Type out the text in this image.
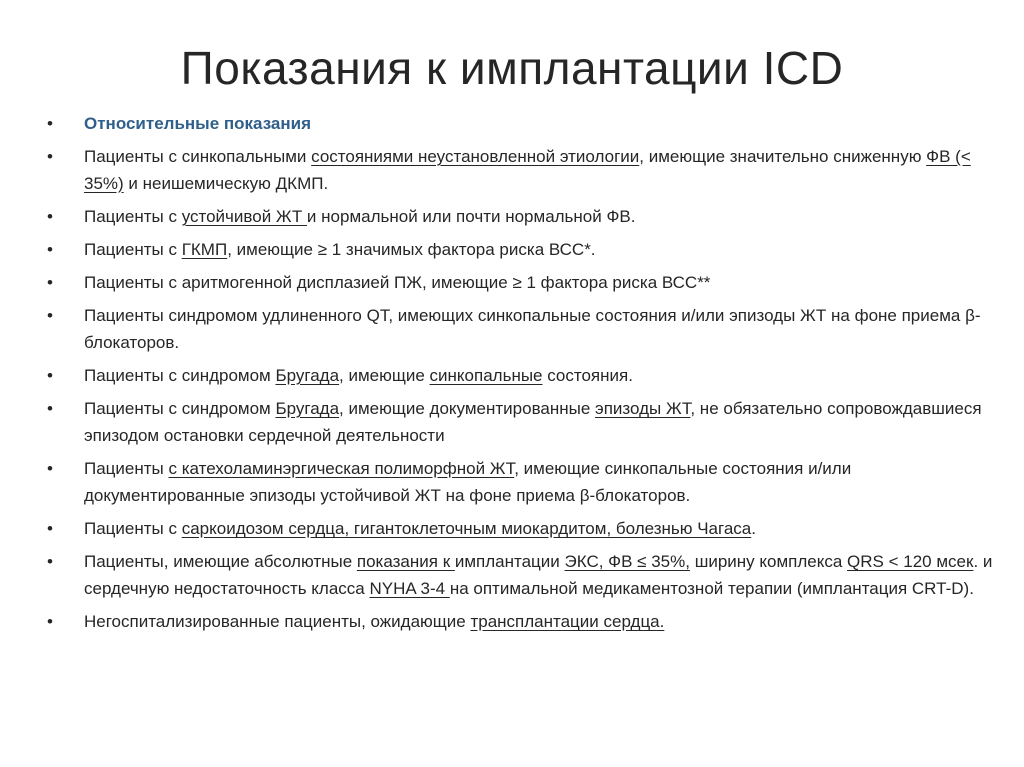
Показания к имплантации ICD
•	Относительные показания
•	Пациенты с синкопальными состояниями неустановленной этиологии, имеющие значительно сниженную ФВ (< 35%) и неишемическую ДКМП.
•	Пациенты с устойчивой ЖТ и нормальной или почти нормальной ФВ.
•	Пациенты с ГКМП, имеющие ≥ 1 значимых фактора риска ВСС*.
•	Пациенты с аритмогенной дисплазией ПЖ, имеющие ≥ 1 фактора риска ВСС**
•	Пациенты синдромом удлиненного QT, имеющих синкопальные состояния и/или эпизоды ЖТ на фоне приема β-блокаторов.
•	Пациенты с синдромом Бругада, имеющие синкопальные состояния.
•	Пациенты с синдромом Бругада, имеющие документированные эпизоды ЖТ, не обязательно сопровождавшиеся эпизодом остановки сердечной деятельности
•	Пациенты с катехоламинэргическая полиморфной ЖТ, имеющие синкопальные состояния и/или документированные эпизоды устойчивой ЖТ на фоне приема β-блокаторов.
•	Пациенты с саркоидозом сердца, гигантоклеточным миокардитом, болезнью Чагаса.
•	Пациенты, имеющие абсолютные показания к имплантации ЭКС, ФВ ≤ 35%, ширину комплекса QRS < 120 мсек. и сердечную недостаточность класса NYHA 3-4 на оптимальной медикаментозной терапии (имплантация CRT-D).
•	Негоспитализированные пациенты, ожидающие трансплантации сердца.
